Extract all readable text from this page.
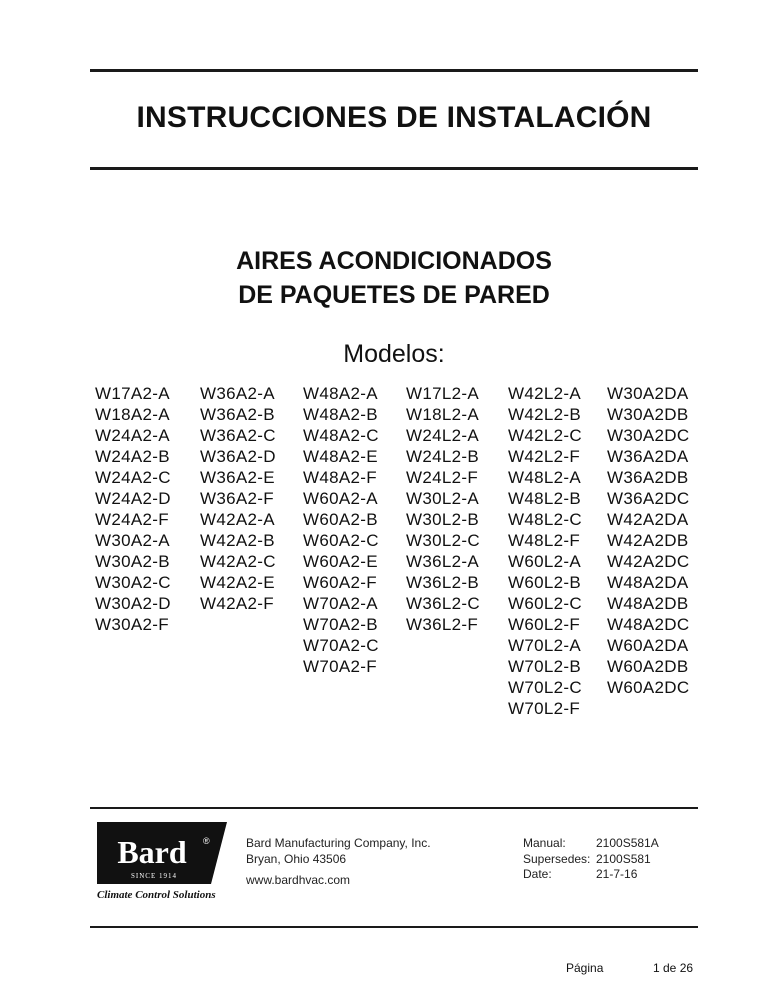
INSTRUCCIONES DE INSTALACIÓN
AIRES ACONDICIONADOS
DE PAQUETES DE PARED
Modelos:
W17A2-A
W18A2-A
W24A2-A
W24A2-B
W24A2-C
W24A2-D
W24A2-F
W30A2-A
W30A2-B
W30A2-C
W30A2-D
W30A2-F
W36A2-A
W36A2-B
W36A2-C
W36A2-D
W36A2-E
W36A2-F
W42A2-A
W42A2-B
W42A2-C
W42A2-E
W42A2-F
W48A2-A
W48A2-B
W48A2-C
W48A2-E
W48A2-F
W60A2-A
W60A2-B
W60A2-C
W60A2-E
W60A2-F
W70A2-A
W70A2-B
W70A2-C
W70A2-F
W17L2-A
W18L2-A
W24L2-A
W24L2-B
W24L2-F
W30L2-A
W30L2-B
W30L2-C
W36L2-A
W36L2-B
W36L2-C
W36L2-F
W42L2-A
W42L2-B
W42L2-C
W42L2-F
W48L2-A
W48L2-B
W48L2-C
W48L2-F
W60L2-A
W60L2-B
W60L2-C
W60L2-F
W70L2-A
W70L2-B
W70L2-C
W70L2-F
W30A2DA
W30A2DB
W30A2DC
W36A2DA
W36A2DB
W36A2DC
W42A2DA
W42A2DB
W42A2DC
W48A2DA
W48A2DB
W48A2DC
W60A2DA
W60A2DB
W60A2DC
Bard ®
SINCE 1914
Climate Control Solutions
Bard Manufacturing Company, Inc.
Bryan, Ohio 43506
www.bardhvac.com
Manual:	2100S581A
Supersedes: 2100S581
Date:	21-7-16
Página	1 de 26
